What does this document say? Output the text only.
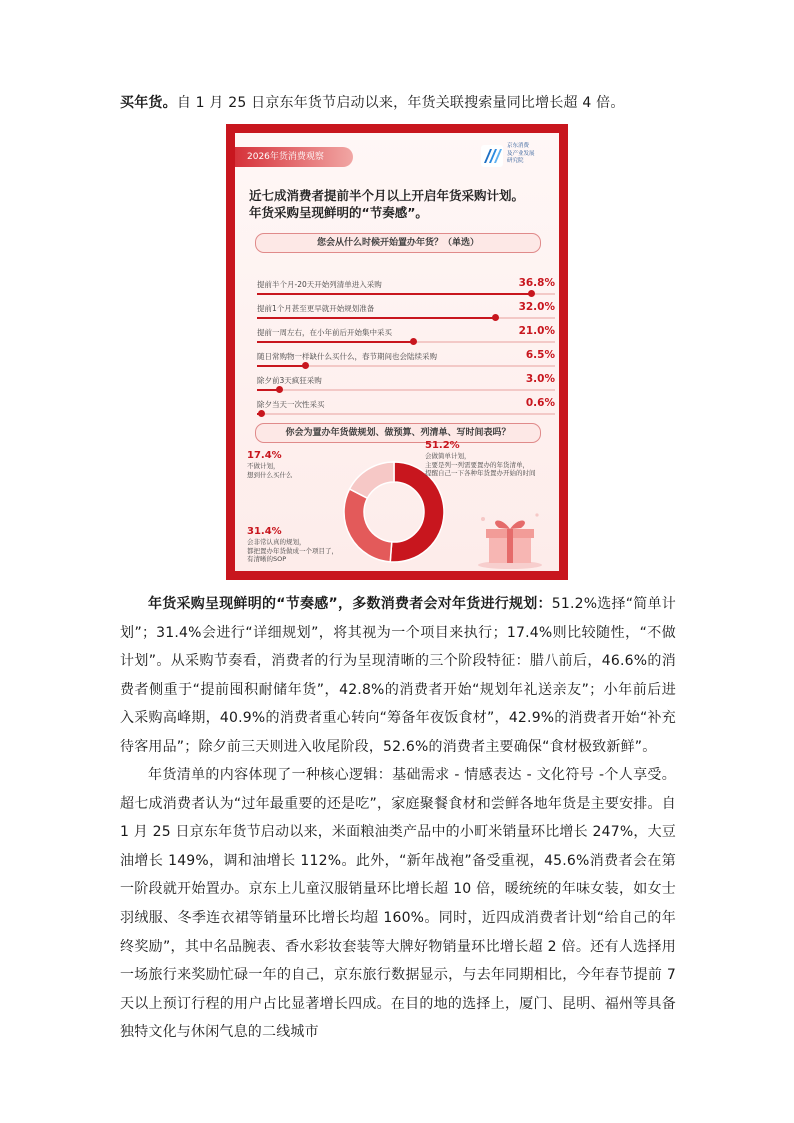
买年货。自 1 月 25 日京东年货节启动以来，年货关联搜索量同比增长超 4 倍。
2026年货消费观察
京东消费
及产业发展
研究院
近七成消费者提前半个月以上开启年货采购计划。
年货采购呈现鲜明的“节奏感”。
您会从什么时候开始置办年货？（单选）
提前半个月-20天开始列清单进入采购	36.8%
提前1个月甚至更早就开始规划准备	32.0%
提前一周左右，在小年前后开始集中采买	21.0%
随日常购物一样缺什么买什么，春节期间也会陆续采购	6.5%
除夕前3天疯狂采购	3.0%
除夕当天一次性采买	0.6%
你会为置办年货做规划、做预算、列清单、写时间表吗？
51.2%
会做简单计划，
主要是列一列需要置办的年货清单，
提醒自己一下各种年货置办开始的时间
17.4%
不做计划，
想到什么买什么
31.4%
会非常认真的规划，
都把置办年货做成一个项目了，
有清晰的SOP
年货采购呈现鲜明的“节奏感”，多数消费者会对年货进行规划：51.2%选择“简单计划”；31.4%会进行“详细规划”，将其视为一个项目来执行；17.4%则比较随性，“不做计划”。从采购节奏看，消费者的行为呈现清晰的三个阶段特征：腊八前后，46.6%的消费者侧重于“提前囤积耐储年货”，42.8%的消费者开始“规划年礼送亲友”；小年前后进入采购高峰期，40.9%的消费者重心转向“筹备年夜饭食材”，42.9%的消费者开始“补充待客用品”；除夕前三天则进入收尾阶段，52.6%的消费者主要确保“食材极致新鲜”。
年货清单的内容体现了一种核心逻辑：基础需求 - 情感表达 - 文化符号 -个人享受。超七成消费者认为“过年最重要的还是吃”，家庭聚餐食材和尝鲜各地年货是主要安排。自 1 月 25 日京东年货节启动以来，米面粮油类产品中的小町米销量环比增长 247%，大豆油增长 149%，调和油增长 112%。此外，“新年战袍”备受重视，45.6%消费者会在第一阶段就开始置办。京东上儿童汉服销量环比增长超 10 倍，暖统统的年味女装，如女士羽绒服、冬季连衣裙等销量环比增长均超 160%。同时，近四成消费者计划“给自己的年终奖励”，其中名品腕表、香水彩妆套装等大牌好物销量环比增长超 2 倍。还有人选择用一场旅行来奖励忙碌一年的自己，京东旅行数据显示，与去年同期相比，今年春节提前 7 天以上预订行程的用户占比显著增长四成。在目的地的选择上，厦门、昆明、福州等具备独特文化与休闲气息的二线城市
